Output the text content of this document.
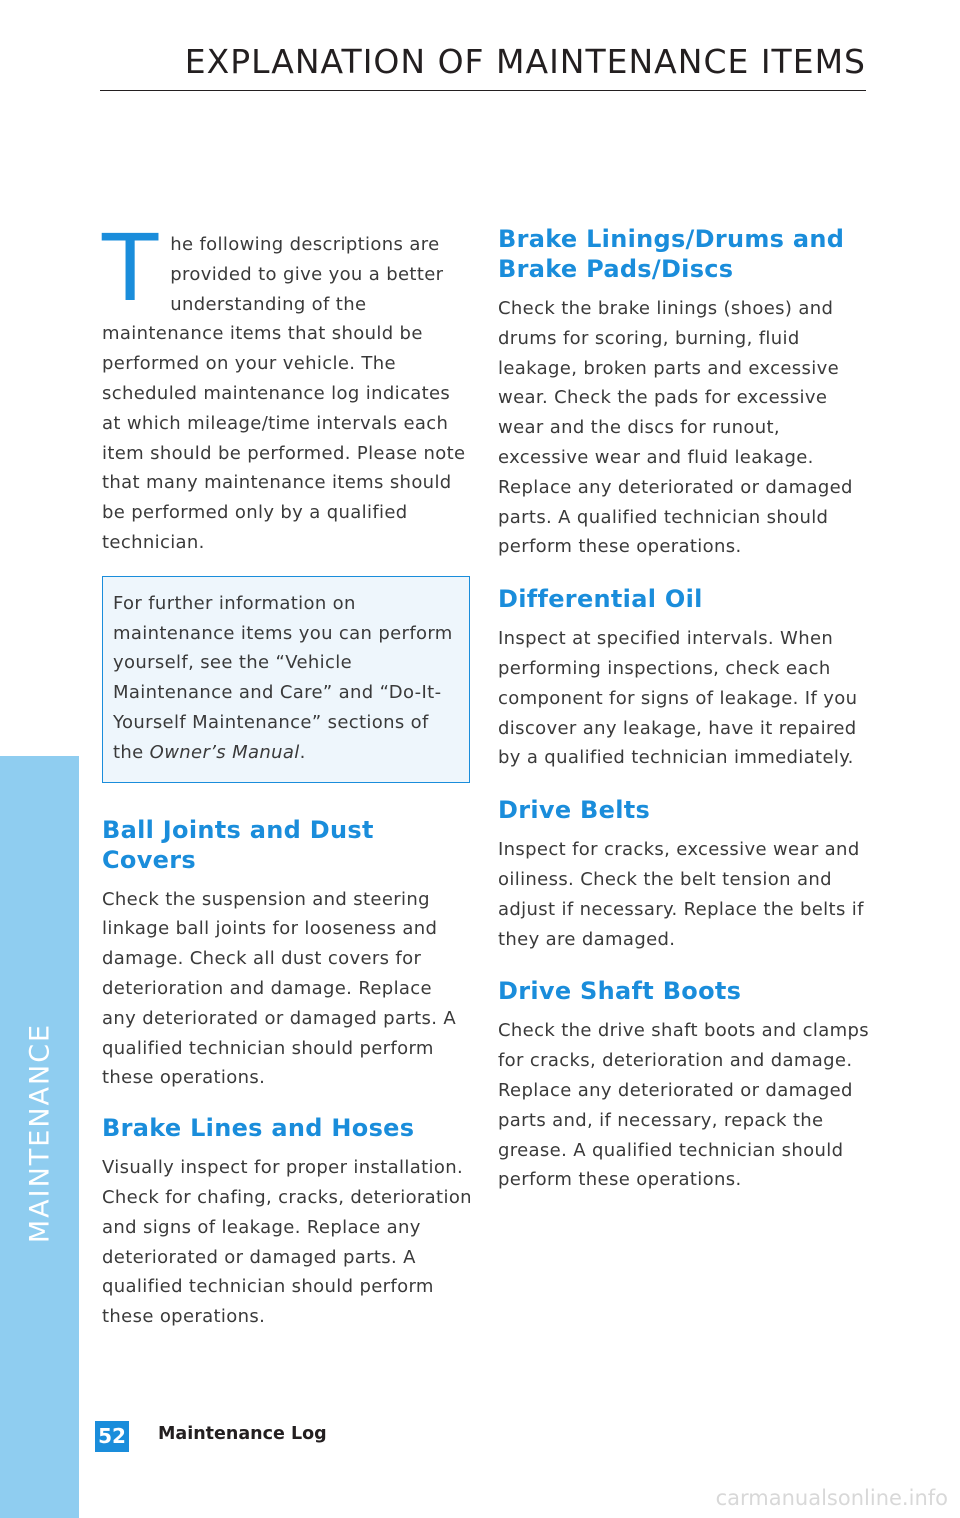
EXPLANATION OF MAINTENANCE ITEMS
MAINTENANCE
T he following descriptions are provided to give you a better understanding of the maintenance items that should be performed on your vehicle. The scheduled maintenance log indicates at which mileage/time intervals each item should be performed. Please note that many maintenance items should be performed only by a qualified technician.

For further information on maintenance items you can perform yourself, see the “Vehicle Maintenance and Care” and “Do-It-Yourself Maintenance” sections of the Owner’s Manual.

Ball Joints and Dust Covers

Check the suspension and steering linkage ball joints for looseness and damage. Check all dust covers for deterioration and damage. Replace any deteriorated or damaged parts. A qualified technician should perform these operations.

Brake Lines and Hoses

Visually inspect for proper installation. Check for chafing, cracks, deterioration and signs of leakage. Replace any deteriorated or damaged parts. A qualified technician should perform these operations.

Brake Linings/Drums and Brake Pads/Discs

Check the brake linings (shoes) and drums for scoring, burning, fluid leakage, broken parts and excessive wear. Check the pads for excessive wear and the discs for runout, excessive wear and fluid leakage. Replace any deteriorated or damaged parts. A qualified technician should perform these operations.

Differential Oil

Inspect at specified intervals. When performing inspections, check each component for signs of leakage. If you discover any leakage, have it repaired by a qualified technician immediately.

Drive Belts

Inspect for cracks, excessive wear and oiliness. Check the belt tension and adjust if necessary. Replace the belts if they are damaged.

Drive Shaft Boots

Check the drive shaft boots and clamps for cracks, deterioration and damage. Replace any deteriorated or damaged parts and, if necessary, repack the grease. A qualified technician should perform these operations.

52 Maintenance Log
carmanualsonline.info
